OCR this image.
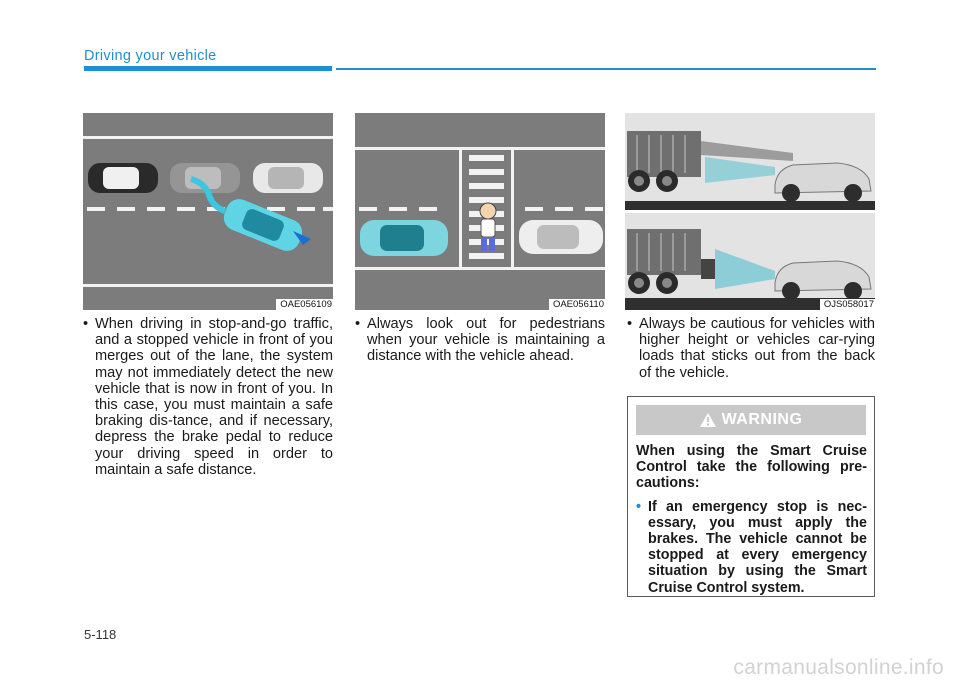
Driving your vehicle
OAE056109	OAE056110	OJS058017
• When driving in stop-and-go traffic, and a stopped vehicle in front of you merges out of the lane, the system may not immediately detect the new vehicle that is now in front of you. In this case, you must maintain a safe braking dis-tance, and if necessary, depress the brake pedal to reduce your driving speed in order to maintain a safe distance.
• Always look out for pedestrians when your vehicle is maintaining a distance with the vehicle ahead.
• Always be cautious for vehicles with higher height or vehicles car-rying loads that sticks out from the back of the vehicle.
WARNING
When using the Smart Cruise Control take the following pre-cautions:
• If an emergency stop is nec-essary, you must apply the brakes. The vehicle cannot be stopped at every emergency situation by using the Smart Cruise Control system.
5-118
carmanualsonline.info
